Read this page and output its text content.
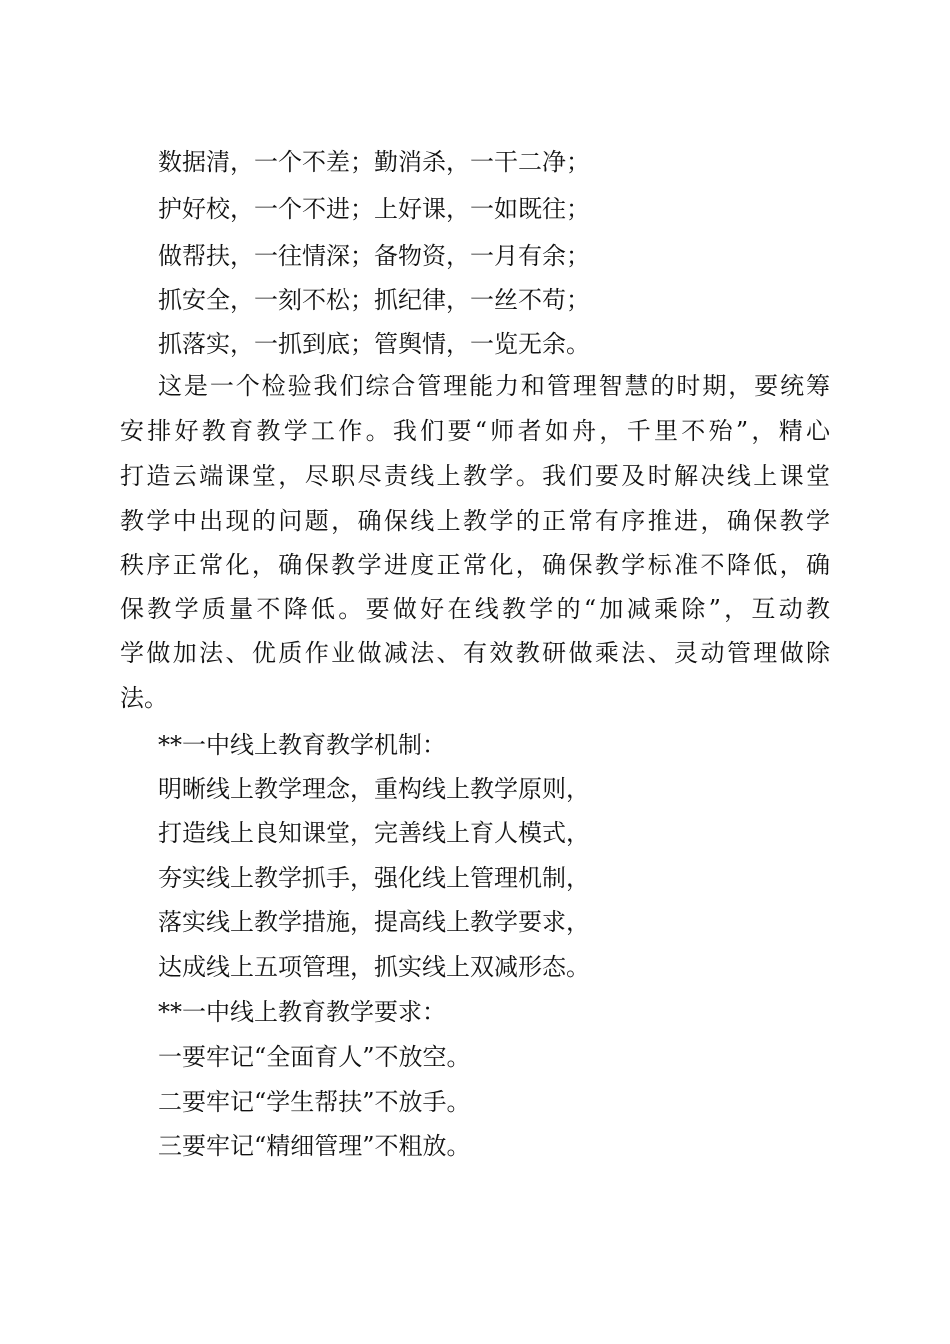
数据清，一个不差；勤消杀，一干二净；
护好校，一个不进；上好课，一如既往；
做帮扶，一往情深；备物资，一月有余；
抓安全，一刻不松；抓纪律，一丝不苟；
抓落实，一抓到底；管舆情，一览无余。
这是一个检验我们综合管理能力和管理智慧的时期，要统筹
安排好教育教学工作。我们要“师者如舟，千里不殆”，精心
打造云端课堂，尽职尽责线上教学。我们要及时解决线上课堂
教学中出现的问题，确保线上教学的正常有序推进，确保教学
秩序正常化，确保教学进度正常化，确保教学标准不降低，确
保教学质量不降低。要做好在线教学的“加减乘除”，互动教
学做加法、优质作业做减法、有效教研做乘法、灵动管理做除
法。
**一中线上教育教学机制：
明晰线上教学理念，重构线上教学原则，
打造线上良知课堂，完善线上育人模式，
夯实线上教学抓手，强化线上管理机制，
落实线上教学措施，提高线上教学要求，
达成线上五项管理，抓实线上双减形态。
**一中线上教育教学要求：
一要牢记“全面育人”不放空。
二要牢记“学生帮扶”不放手。
三要牢记“精细管理”不粗放。
